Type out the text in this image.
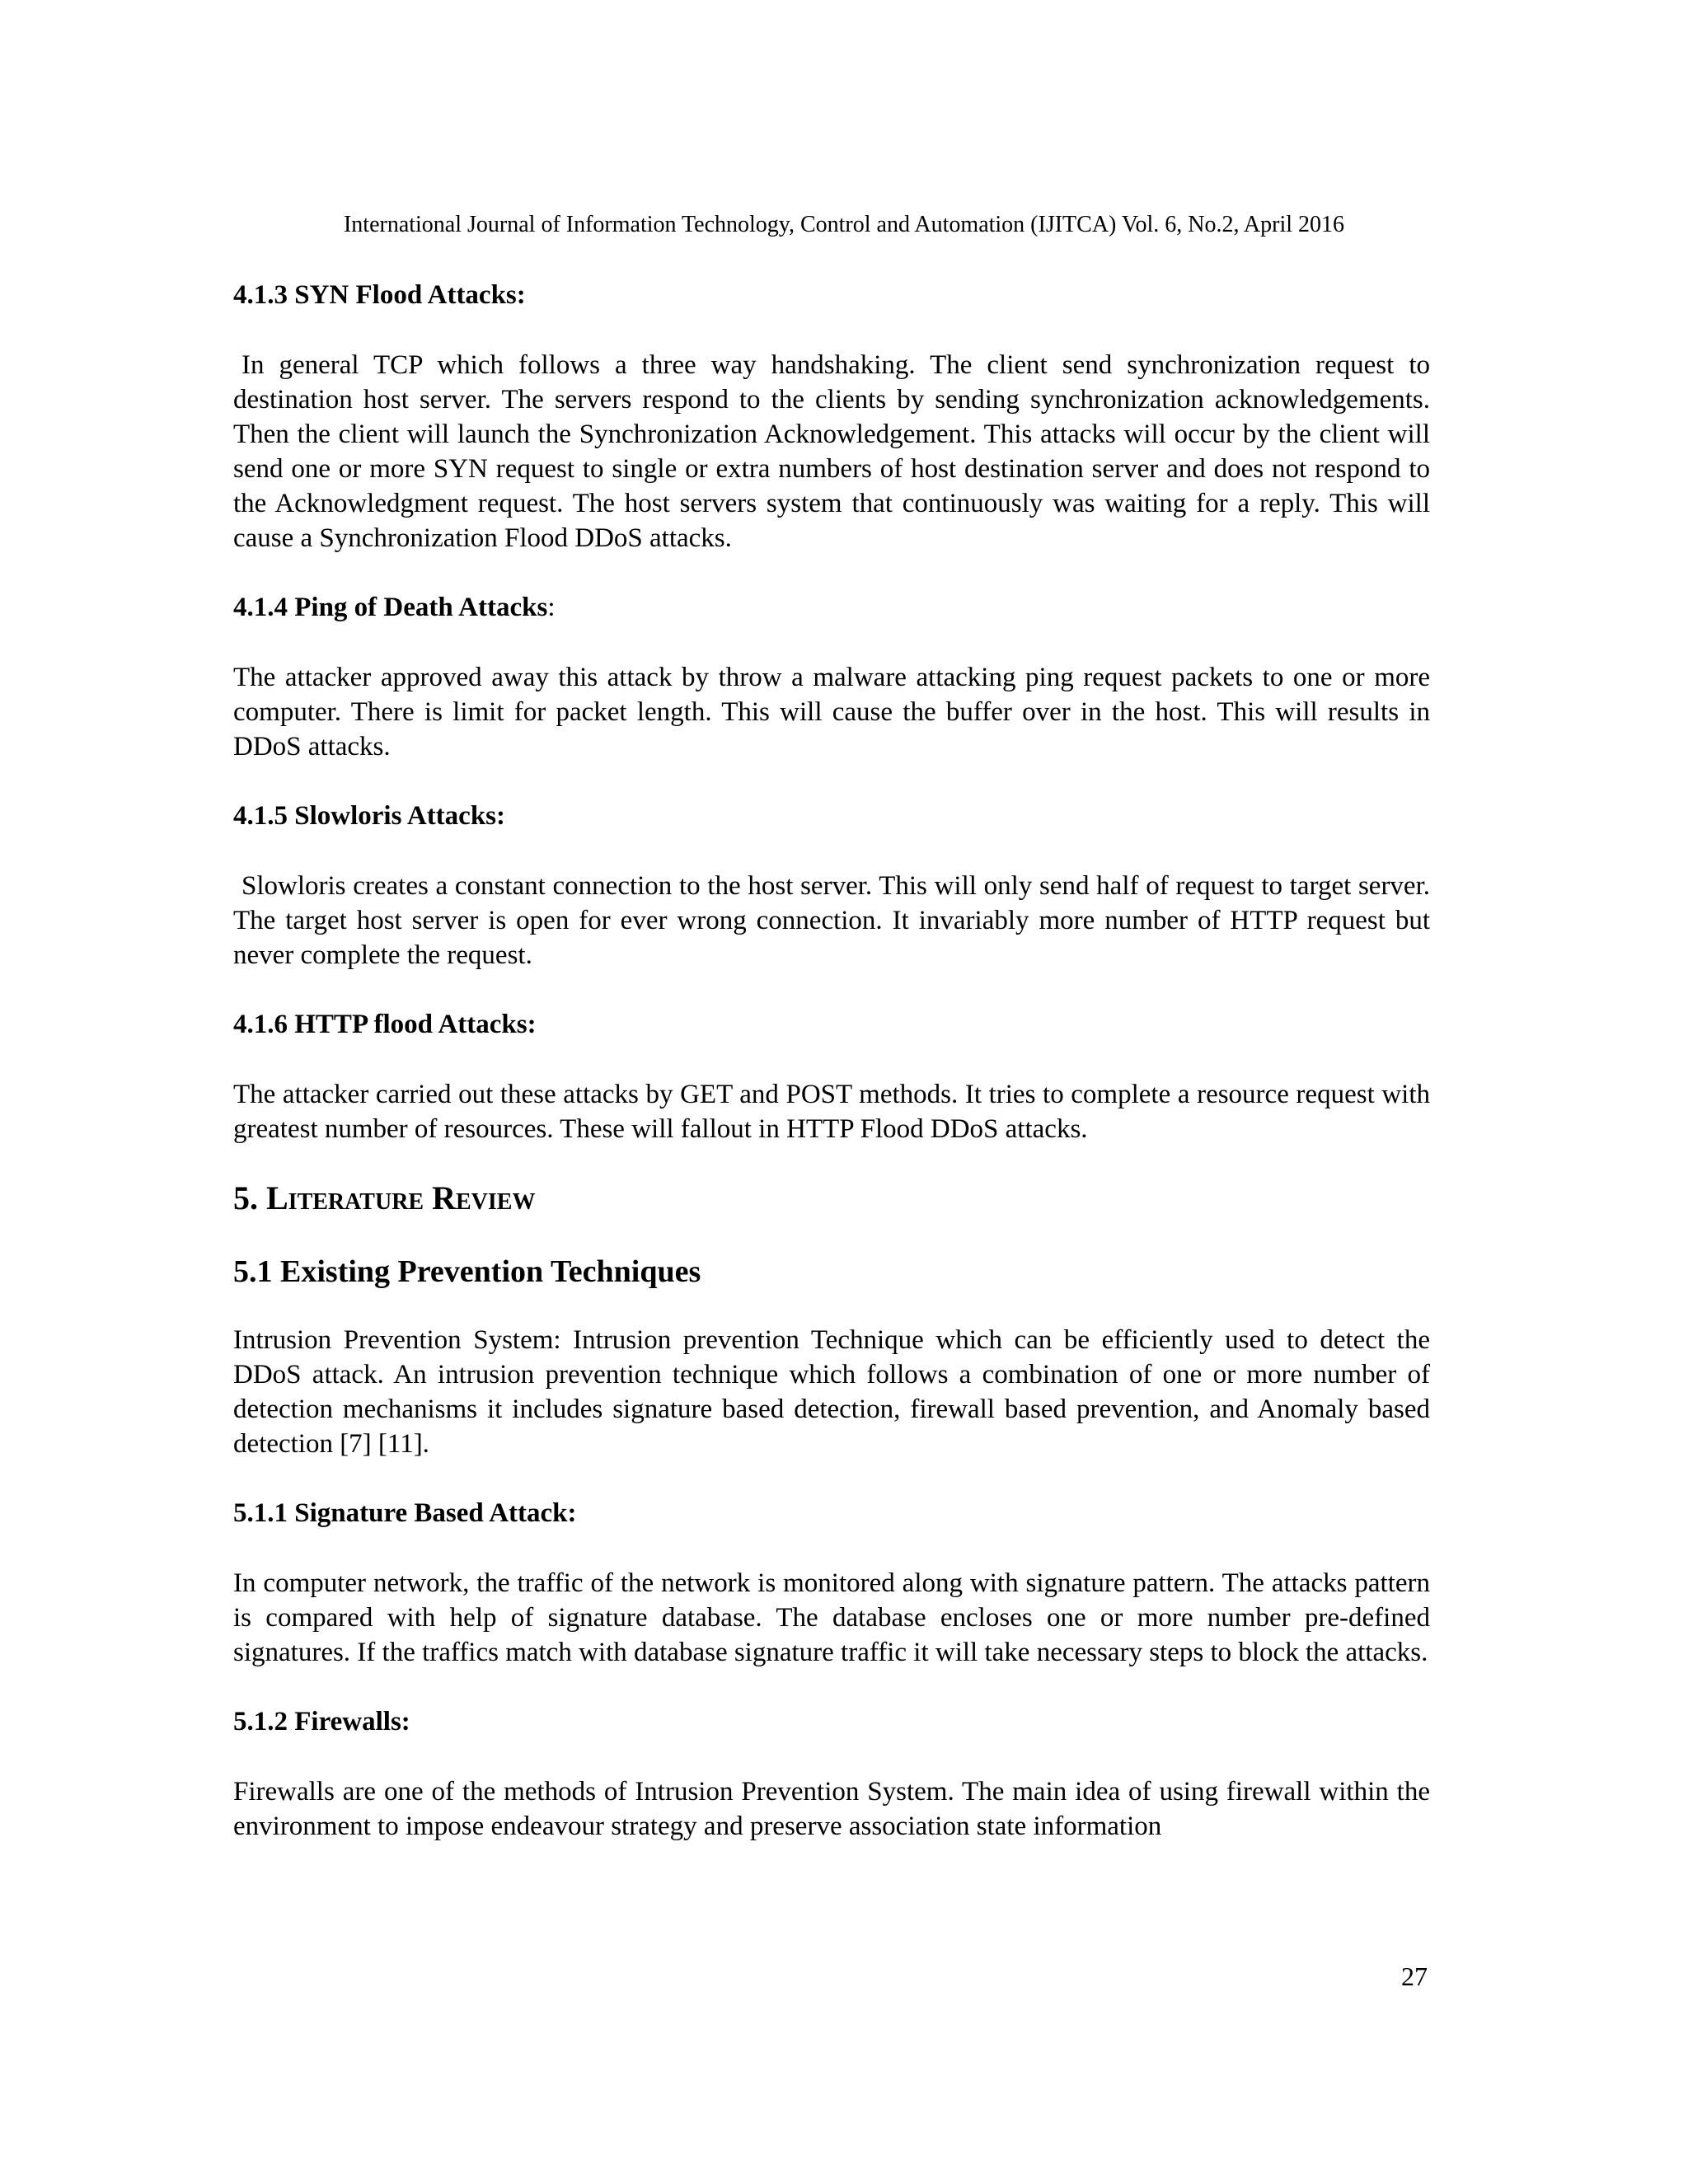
International Journal of Information Technology, Control and Automation (IJITCA) Vol. 6, No.2, April 2016

4.1.3 SYN Flood Attacks:

In general TCP which follows a three way handshaking. The client send synchronization request to destination host server. The servers respond to the clients by sending synchronization acknowledgements. Then the client will launch the Synchronization Acknowledgement. This attacks will occur by the client will send one or more SYN request to single or extra numbers of host destination server and does not respond to the Acknowledgment request. The host servers system that continuously was waiting for a reply. This will cause a Synchronization Flood DDoS attacks.

4.1.4 Ping of Death Attacks:

The attacker approved away this attack by throw a malware attacking ping request packets to one or more computer. There is limit for packet length. This will cause the buffer over in the host. This will results in DDoS attacks.

4.1.5 Slowloris Attacks:

Slowloris creates a constant connection to the host server. This will only send half of request to target server. The target host server is open for ever wrong connection. It invariably more number of HTTP request but never complete the request.

4.1.6 HTTP flood Attacks:

The attacker carried out these attacks by GET and POST methods. It tries to complete a resource request with greatest number of resources. These will fallout in HTTP Flood DDoS attacks.

5. Literature Review

5.1 Existing Prevention Techniques

Intrusion Prevention System: Intrusion prevention Technique which can be efficiently used to detect the DDoS attack. An intrusion prevention technique which follows a combination of one or more number of detection mechanisms it includes signature based detection, firewall based prevention, and Anomaly based detection [7] [11].

5.1.1 Signature Based Attack:

In computer network, the traffic of the network is monitored along with signature pattern. The attacks pattern is compared with help of signature database. The database encloses one or more number pre-defined signatures. If the traffics match with database signature traffic it will take necessary steps to block the attacks.

5.1.2 Firewalls:

Firewalls are one of the methods of Intrusion Prevention System. The main idea of using firewall within the environment to impose endeavour strategy and preserve association state information

27
